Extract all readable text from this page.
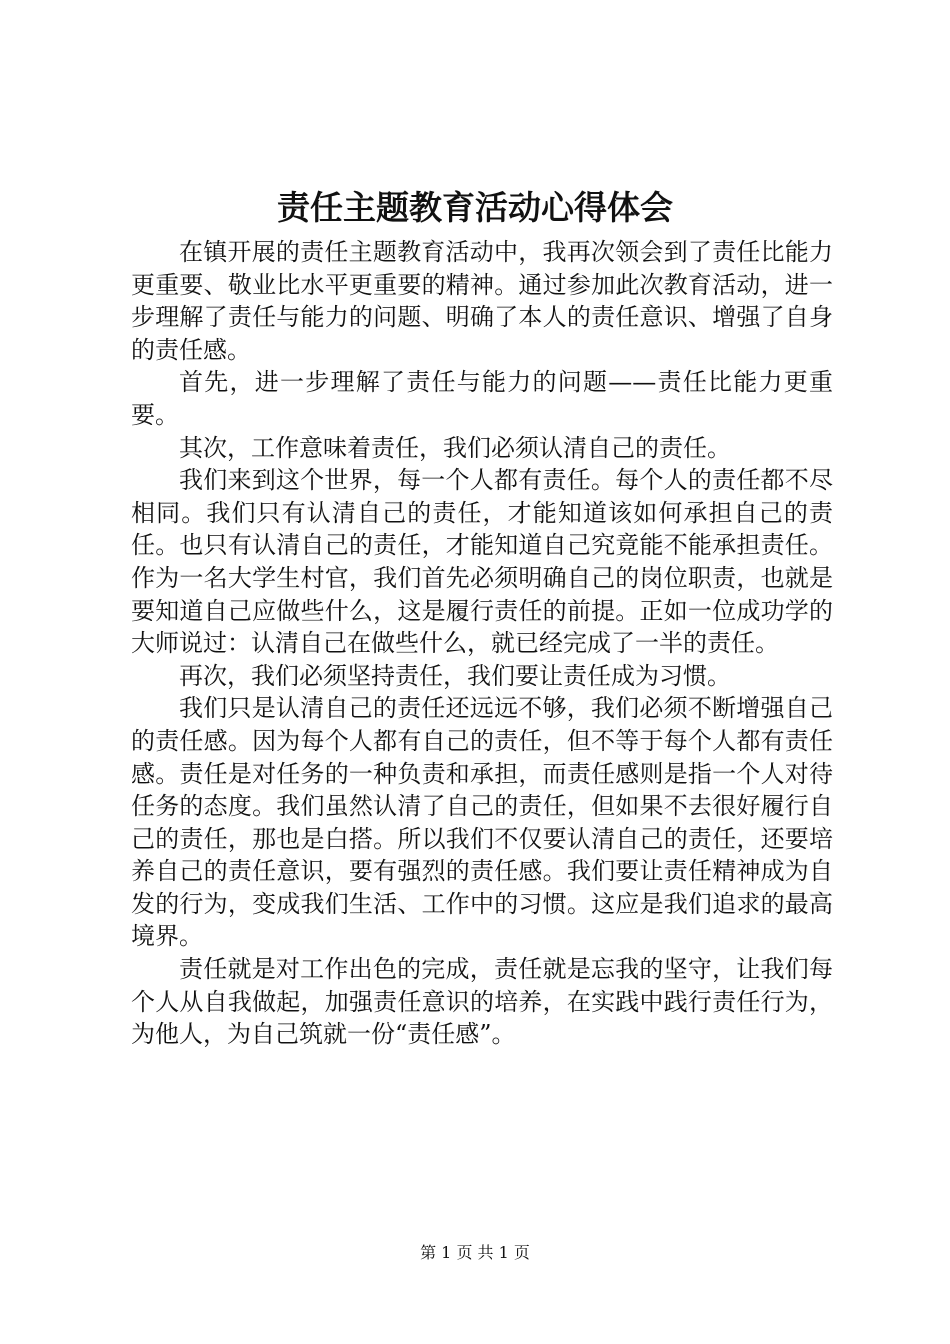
责任主题教育活动心得体会

在镇开展的责任主题教育活动中，我再次领会到了责任比能力更重要、敬业比水平更重要的精神。通过参加此次教育活动，进一步理解了责任与能力的问题、明确了本人的责任意识、增强了自身的责任感。

首先，进一步理解了责任与能力的问题——责任比能力更重要。

其次，工作意味着责任，我们必须认清自己的责任。

我们来到这个世界，每一个人都有责任。每个人的责任都不尽相同。我们只有认清自己的责任，才能知道该如何承担自己的责任。也只有认清自己的责任，才能知道自己究竟能不能承担责任。作为一名大学生村官，我们首先必须明确自己的岗位职责，也就是要知道自己应做些什么，这是履行责任的前提。正如一位成功学的大师说过：认清自己在做些什么，就已经完成了一半的责任。

再次，我们必须坚持责任，我们要让责任成为习惯。

我们只是认清自己的责任还远远不够，我们必须不断增强自己的责任感。因为每个人都有自己的责任，但不等于每个人都有责任感。责任是对任务的一种负责和承担，而责任感则是指一个人对待任务的态度。我们虽然认清了自己的责任，但如果不去很好履行自己的责任，那也是白搭。所以我们不仅要认清自己的责任，还要培养自己的责任意识，要有强烈的责任感。我们要让责任精神成为自发的行为，变成我们生活、工作中的习惯。这应是我们追求的最高境界。

责任就是对工作出色的完成，责任就是忘我的坚守，让我们每个人从自我做起，加强责任意识的培养，在实践中践行责任行为，为他人，为自己筑就一份“责任感”。

第 1 页 共 1 页
